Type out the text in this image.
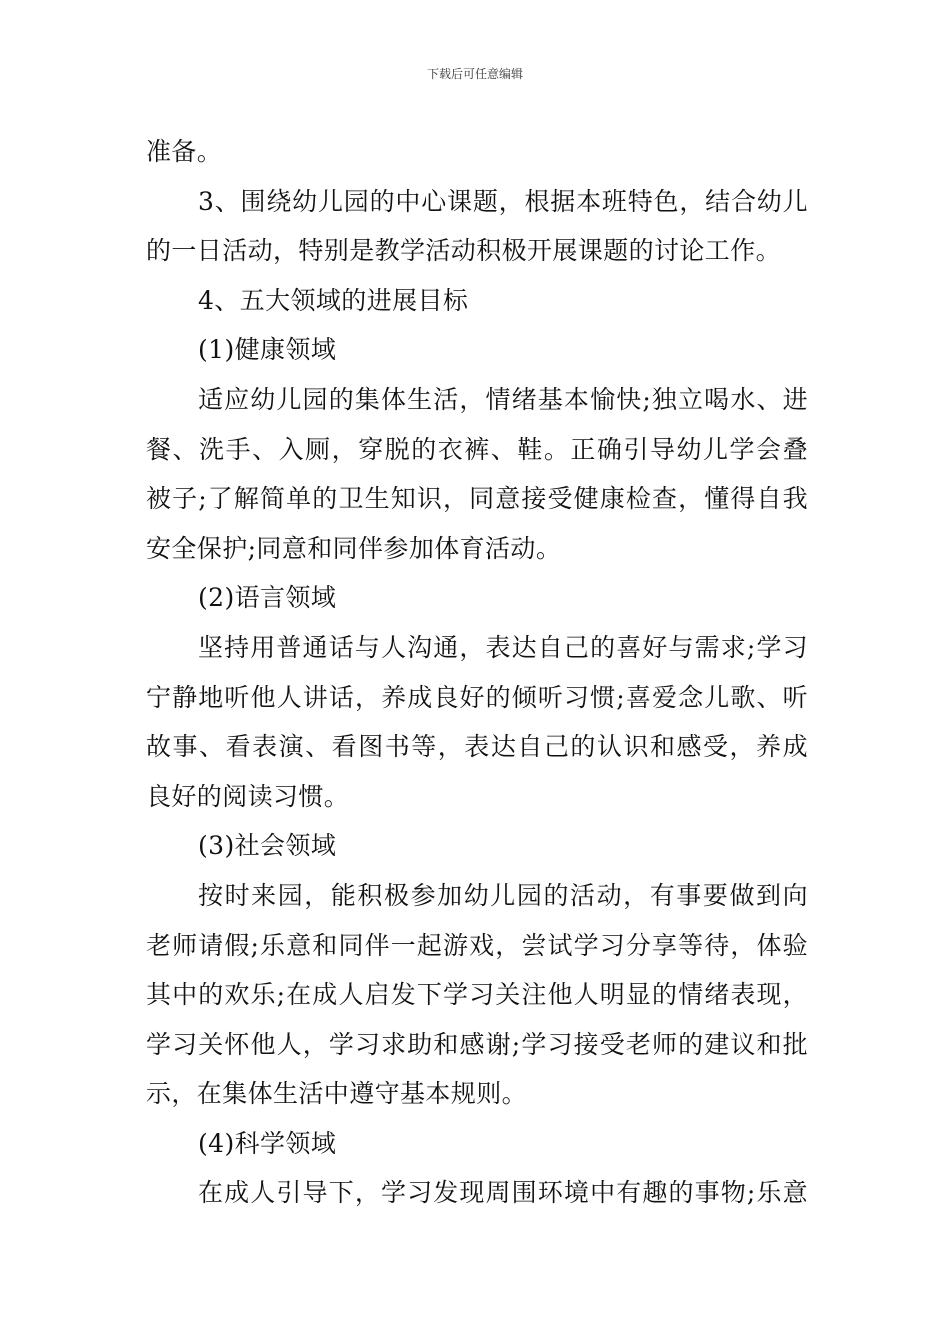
下载后可任意编辑
准备。
3、围绕幼儿园的中心课题，根据本班特色，结合幼儿
的一日活动，特别是教学活动积极开展课题的讨论工作。
4、五大领域的进展目标
(1)健康领域
适应幼儿园的集体生活，情绪基本愉快;独立喝水、进
餐、洗手、入厕，穿脱的衣裤、鞋。正确引导幼儿学会叠
被子;了解简单的卫生知识，同意接受健康检查，懂得自我
安全保护;同意和同伴参加体育活动。
(2)语言领域
坚持用普通话与人沟通，表达自己的喜好与需求;学习
宁静地听他人讲话，养成良好的倾听习惯;喜爱念儿歌、听
故事、看表演、看图书等，表达自己的认识和感受，养成
良好的阅读习惯。
(3)社会领域
按时来园，能积极参加幼儿园的活动，有事要做到向
老师请假;乐意和同伴一起游戏，尝试学习分享等待，体验
其中的欢乐;在成人启发下学习关注他人明显的情绪表现，
学习关怀他人，学习求助和感谢;学习接受老师的建议和批
示，在集体生活中遵守基本规则。
(4)科学领域
在成人引导下，学习发现周围环境中有趣的事物;乐意
